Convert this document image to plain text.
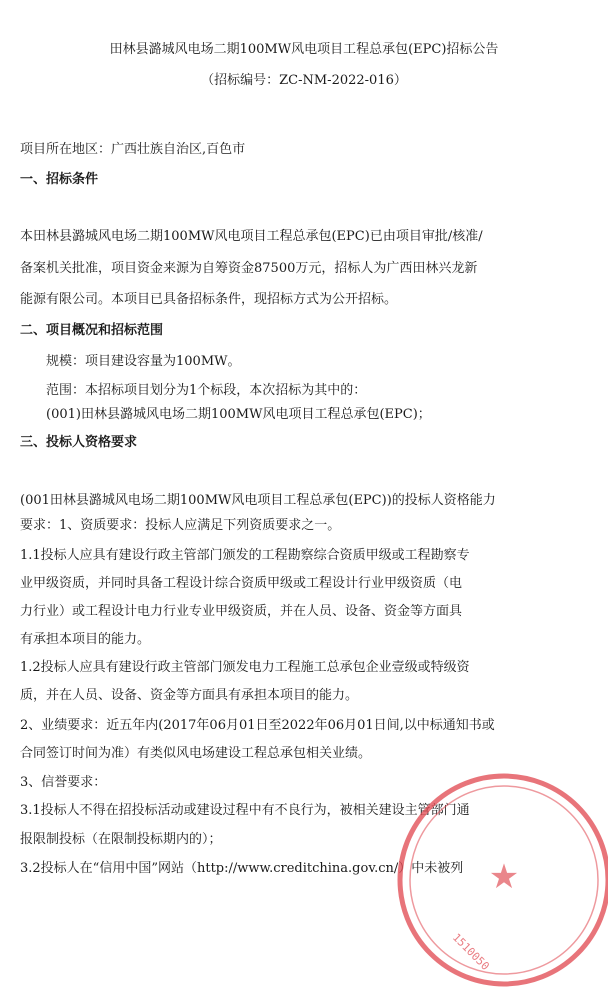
田林县潞城风电场二期100MW风电项目工程总承包(EPC)招标公告
（招标编号：ZC-NM-2022-016）
项目所在地区：广西壮族自治区,百色市
一、招标条件
本田林县潞城风电场二期100MW风电项目工程总承包(EPC)已由项目审批/核准/
备案机关批准，项目资金来源为自筹资金87500万元，招标人为广西田林兴龙新
能源有限公司。本项目已具备招标条件，现招标方式为公开招标。
二、项目概况和招标范围
规模：项目建设容量为100MW。
范围：本招标项目划分为1个标段，本次招标为其中的：
(001)田林县潞城风电场二期100MW风电项目工程总承包(EPC)；
三、投标人资格要求
(001田林县潞城风电场二期100MW风电项目工程总承包(EPC))的投标人资格能力
要求：1、资质要求：投标人应满足下列资质要求之一。
1.1投标人应具有建设行政主管部门颁发的工程勘察综合资质甲级或工程勘察专
业甲级资质，并同时具备工程设计综合资质甲级或工程设计行业甲级资质（电
力行业）或工程设计电力行业专业甲级资质，并在人员、设备、资金等方面具
有承担本项目的能力。
1.2投标人应具有建设行政主管部门颁发电力工程施工总承包企业壹级或特级资
质，并在人员、设备、资金等方面具有承担本项目的能力。
2、业绩要求：近五年内(2017年06月01日至2022年06月01日间,以中标通知书或
合同签订时间为准）有类似风电场建设工程总承包相关业绩。
3、信誉要求：
3.1投标人不得在招投标活动或建设过程中有不良行为，被相关建设主管部门通
报限制投标（在限制投标期内的）；
3.2投标人在“信用中国”网站（http://www.creditchina.gov.cn/）中未被列 ★
1510050
